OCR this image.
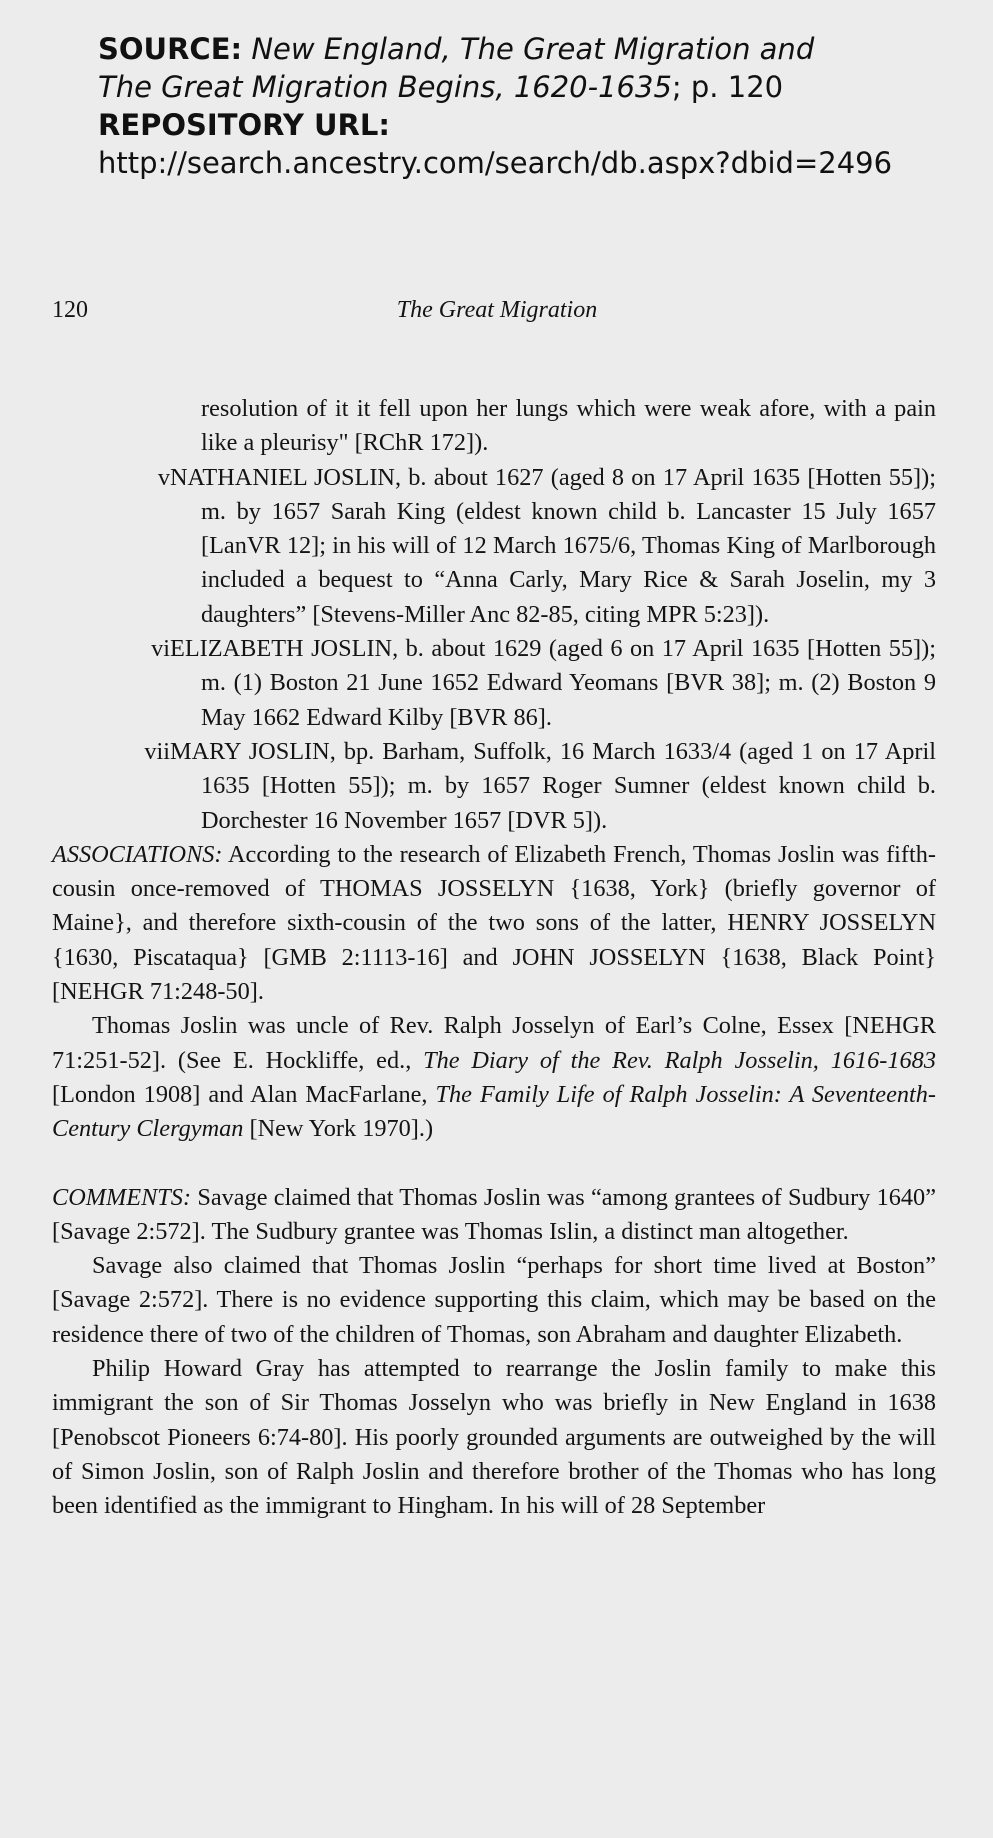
SOURCE: New England, The Great Migration and
The Great Migration Begins, 1620-1635; p. 120
REPOSITORY URL:
http://search.ancestry.com/search/db.aspx?dbid=2496
120	The Great Migration

resolution of it it fell upon her lungs which were weak afore, with a pain like a pleurisy" [RChR 172]).

v NATHANIEL JOSLIN, b. about 1627 (aged 8 on 17 April 1635 [Hotten 55]); m. by 1657 Sarah King (eldest known child b. Lancaster 15 July 1657 [LanVR 12]; in his will of 12 March 1675/6, Thomas King of Marlborough included a bequest to “Anna Carly, Mary Rice & Sarah Joselin, my 3 daughters” [Stevens-Miller Anc 82-85, citing MPR 5:23]).

vi ELIZABETH JOSLIN, b. about 1629 (aged 6 on 17 April 1635 [Hotten 55]); m. (1) Boston 21 June 1652 Edward Yeomans [BVR 38]; m. (2) Boston 9 May 1662 Edward Kilby [BVR 86].

vii MARY JOSLIN, bp. Barham, Suffolk, 16 March 1633/4 (aged 1 on 17 April 1635 [Hotten 55]); m. by 1657 Roger Sumner (eldest known child b. Dorchester 16 November 1657 [DVR 5]).

ASSOCIATIONS: According to the research of Elizabeth French, Thomas Joslin was fifth-cousin once-removed of THOMAS JOSSELYN {1638, York} (briefly governor of Maine}, and therefore sixth-cousin of the two sons of the latter, HENRY JOSSELYN {1630, Piscataqua} [GMB 2:1113-16] and JOHN JOSSELYN {1638, Black Point} [NEHGR 71:248-50].

Thomas Joslin was uncle of Rev. Ralph Josselyn of Earl’s Colne, Essex [NEHGR 71:251-52]. (See E. Hockliffe, ed., The Diary of the Rev. Ralph Josselin, 1616-1683 [London 1908] and Alan MacFarlane, The Family Life of Ralph Josselin: A Seventeenth-Century Clergyman [New York 1970].)

COMMENTS: Savage claimed that Thomas Joslin was “among grantees of Sudbury 1640” [Savage 2:572]. The Sudbury grantee was Thomas Islin, a distinct man altogether.

Savage also claimed that Thomas Joslin “perhaps for short time lived at Boston” [Savage 2:572]. There is no evidence supporting this claim, which may be based on the residence there of two of the children of Thomas, son Abraham and daughter Elizabeth.

Philip Howard Gray has attempted to rearrange the Joslin family to make this immigrant the son of Sir Thomas Josselyn who was briefly in New England in 1638 [Penobscot Pioneers 6:74-80]. His poorly grounded arguments are outweighed by the will of Simon Joslin, son of Ralph Joslin and therefore brother of the Thomas who has long been identified as the immigrant to Hingham. In his will of 28 September
